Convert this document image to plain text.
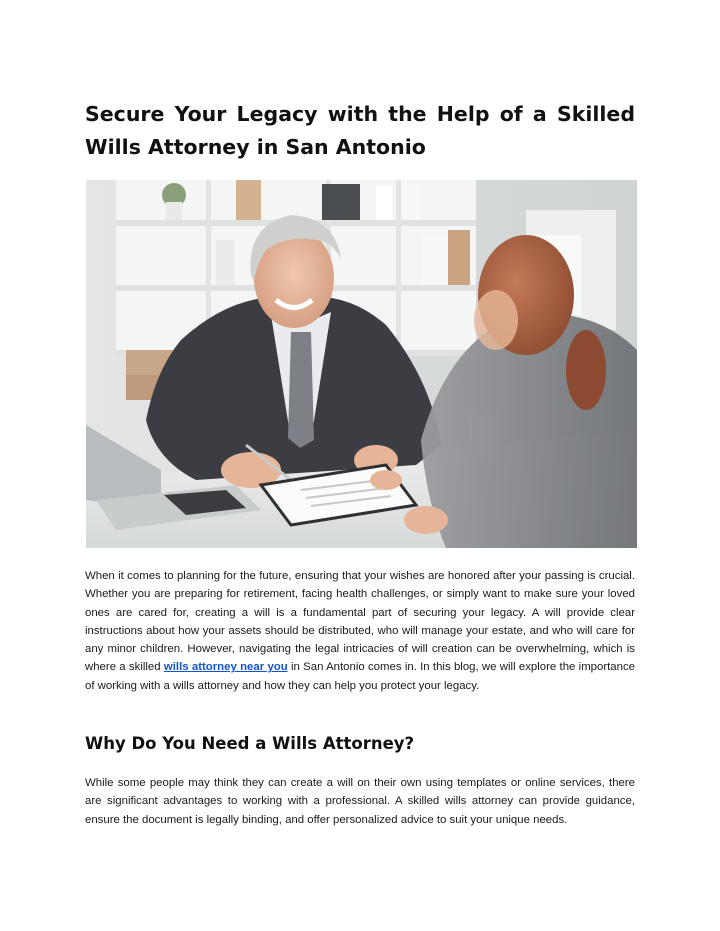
Secure Your Legacy with the Help of a Skilled Wills Attorney in San Antonio

When it comes to planning for the future, ensuring that your wishes are honored after your passing is crucial. Whether you are preparing for retirement, facing health challenges, or simply want to make sure your loved ones are cared for, creating a will is a fundamental part of securing your legacy. A will provide clear instructions about how your assets should be distributed, who will manage your estate, and who will care for any minor children. However, navigating the legal intricacies of will creation can be overwhelming, which is where a skilled wills attorney near you in San Antonio comes in. In this blog, we will explore the importance of working with a wills attorney and how they can help you protect your legacy.

Why Do You Need a Wills Attorney?

While some people may think they can create a will on their own using templates or online services, there are significant advantages to working with a professional. A skilled wills attorney can provide guidance, ensure the document is legally binding, and offer personalized advice to suit your unique needs.
